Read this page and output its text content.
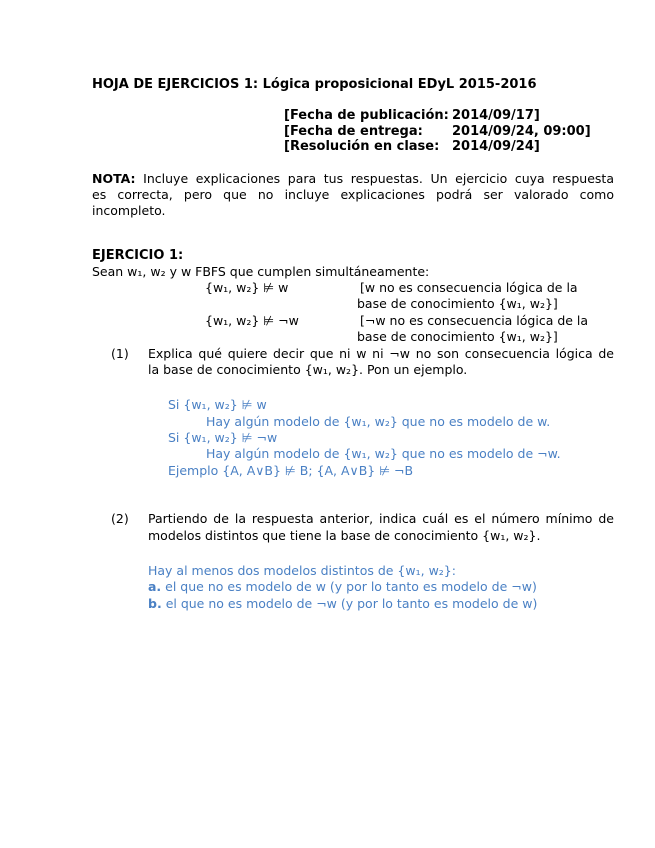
HOJA DE EJERCICIOS 1: Lógica proposicional EDyL 2015-2016
[Fecha de publicación: 2014/09/17]
[Fecha de entrega: 2014/09/24, 09:00]
[Resolución en clase: 2014/09/24]
NOTA: Incluye explicaciones para tus respuestas. Un ejercicio cuya respuesta
es correcta, pero que no incluye explicaciones podrá ser valorado como
incompleto.
EJERCICIO 1:
Sean w₁, w₂ y w FBFS que cumplen simultáneamente:
{w₁, w₂} ⊭ w	[w no es consecuencia lógica de la
base de conocimiento {w₁, w₂}]
{w₁, w₂} ⊭ ¬w	[¬w no es consecuencia lógica de la
base de conocimiento {w₁, w₂}]
(1) Explica qué quiere decir que ni w ni ¬w no son consecuencia lógica de
la base de conocimiento {w₁, w₂}. Pon un ejemplo.
Si {w₁, w₂} ⊭ w
Hay algún modelo de {w₁, w₂} que no es modelo de w.
Si {w₁, w₂} ⊭ ¬w
Hay algún modelo de {w₁, w₂} que no es modelo de ¬w.
Ejemplo {A, A∨B} ⊭ B; {A, A∨B} ⊭ ¬B
(2) Partiendo de la respuesta anterior, indica cuál es el número mínimo de
modelos distintos que tiene la base de conocimiento {w₁, w₂}.
Hay al menos dos modelos distintos de {w₁, w₂}:
a. el que no es modelo de w (y por lo tanto es modelo de ¬w)
b. el que no es modelo de ¬w (y por lo tanto es modelo de w)
